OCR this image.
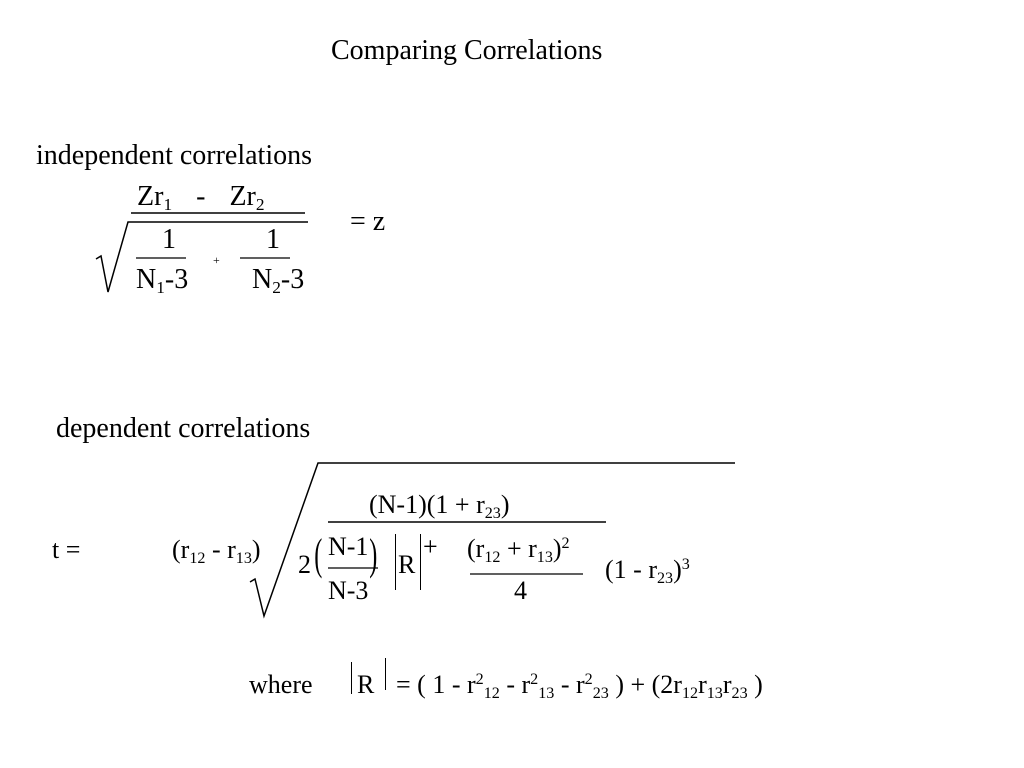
Comparing Correlations
independent correlations
$Zr_1 - Zr_2$
1	1
+
$N_1-3$ $N_2-3$
= z
dependent correlations
t =	$(r_{12} - r_{13})$
$(N-1)(1 + r_{23})$
2 ( N-1
N-3
) R
+ $(r_{12} + r_{13})^2$
4
$(1 - r_{23})^3$
where R = ( $1 - r^2_{12} - r^2_{13} - r^2_{23}$ ) + ($2r_{12}r_{13}r_{23}$ )
